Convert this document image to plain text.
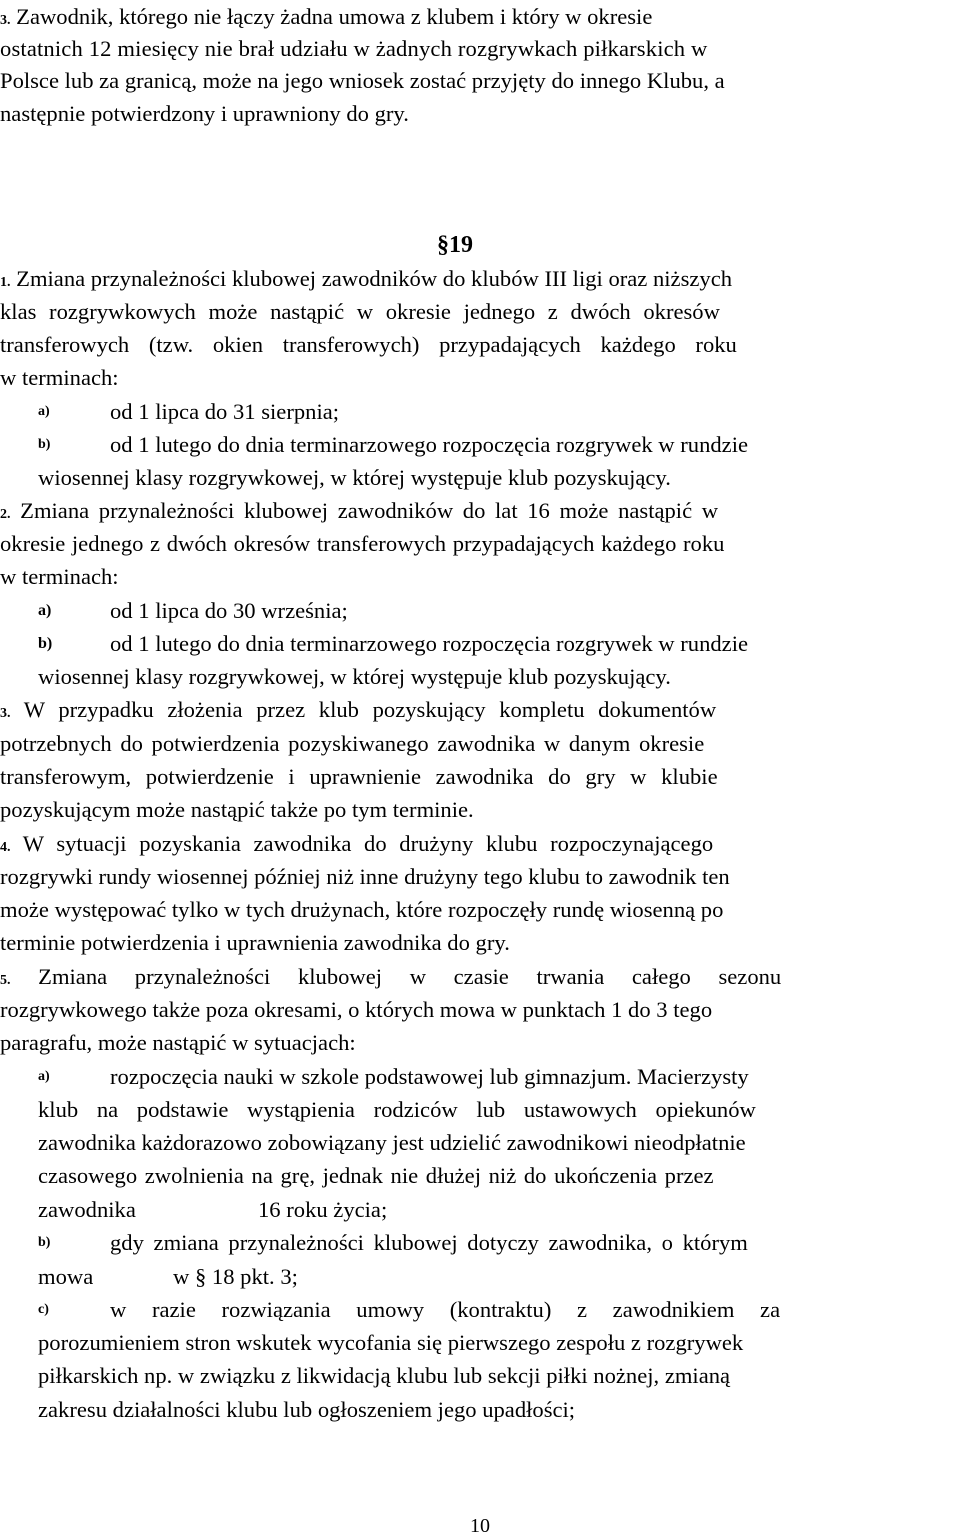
3. Zawodnik, którego nie łączy żadna umowa z klubem i który w okresie
ostatnich 12 miesięcy nie brał udziału w żadnych rozgrywkach piłkarskich w
Polsce lub za granicą, może na jego wniosek zostać przyjęty do innego Klubu, a
następnie potwierdzony i uprawniony do gry.
§19
1. Zmiana przynależności klubowej zawodników do klubów III ligi oraz niższych
klas rozgrywkowych może nastąpić w okresie jednego z dwóch okresów
transferowych (tzw. okien transferowych) przypadających każdego roku
w terminach:
a)	od 1 lipca do 31 sierpnia;
b)	od 1 lutego do dnia terminarzowego rozpoczęcia rozgrywek w rundzie
wiosennej klasy rozgrywkowej, w której występuje klub pozyskujący.
2. Zmiana przynależności klubowej zawodników do lat 16 może nastąpić w
okresie jednego z dwóch okresów transferowych przypadających każdego roku
w terminach:
a)	od 1 lipca do 30 września;
b)	od 1 lutego do dnia terminarzowego rozpoczęcia rozgrywek w rundzie
wiosennej klasy rozgrywkowej, w której występuje klub pozyskujący.
3. W przypadku złożenia przez klub pozyskujący kompletu dokumentów
potrzebnych do potwierdzenia pozyskiwanego zawodnika w danym okresie
transferowym, potwierdzenie i uprawnienie zawodnika do gry w klubie
pozyskującym może nastąpić także po tym terminie.
4. W sytuacji pozyskania zawodnika do drużyny klubu rozpoczynającego
rozgrywki rundy wiosennej później niż inne drużyny tego klubu to zawodnik ten
może występować tylko w tych drużynach, które rozpoczęły rundę wiosenną po
terminie potwierdzenia i uprawnienia zawodnika do gry.
5. Zmiana przynależności klubowej w czasie trwania całego sezonu
rozgrywkowego także poza okresami, o których mowa w punktach 1 do 3 tego
paragrafu, może nastąpić w sytuacjach:
a)	rozpoczęcia nauki w szkole podstawowej lub gimnazjum. Macierzysty
klub na podstawie wystąpienia rodziców lub ustawowych opiekunów
zawodnika każdorazowo zobowiązany jest udzielić zawodnikowi nieodpłatnie
czasowego zwolnienia na grę, jednak nie dłużej niż do ukończenia przez
zawodnika	16 roku życia;
b)	gdy zmiana przynależności klubowej dotyczy zawodnika, o którym
mowa	w § 18 pkt. 3;
c)	w razie rozwiązania umowy (kontraktu) z zawodnikiem za
porozumieniem stron wskutek wycofania się pierwszego zespołu z rozgrywek
piłkarskich np. w związku z likwidacją klubu lub sekcji piłki nożnej, zmianą
zakresu działalności klubu lub ogłoszeniem jego upadłości;
10
